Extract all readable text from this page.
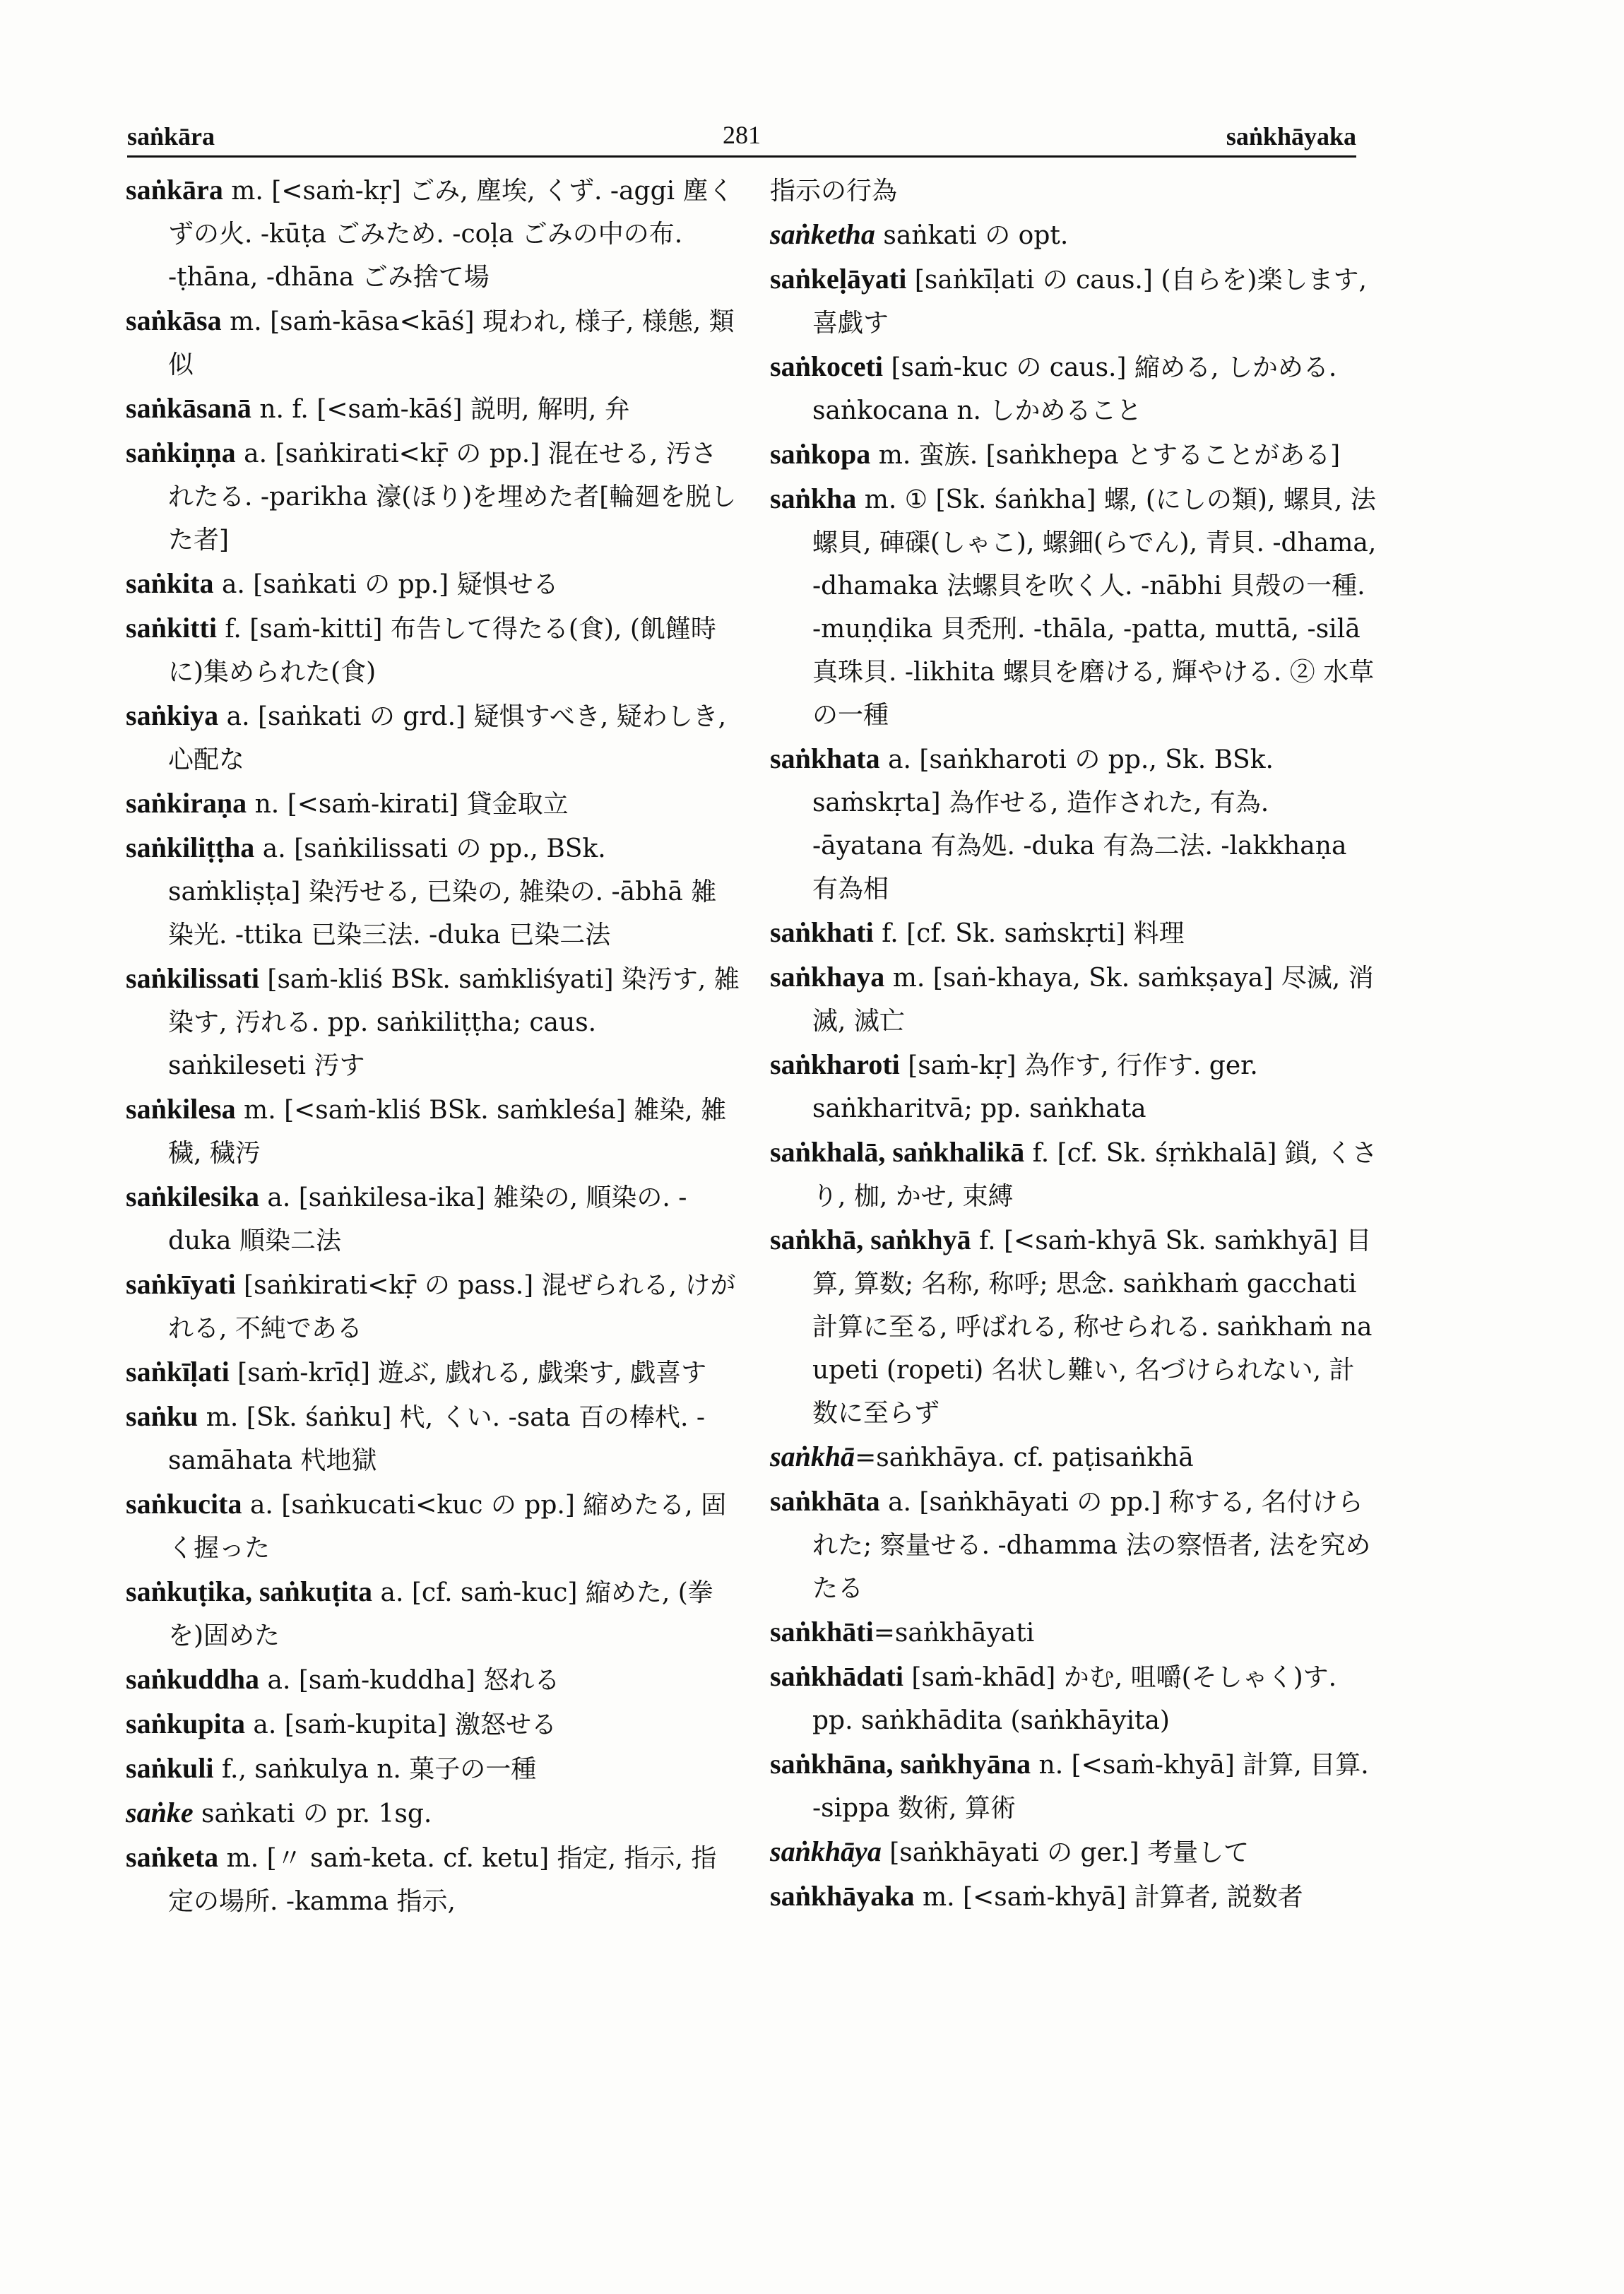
saṅkāra	281	saṅkhāyaka

saṅkāra m. [<saṁ-kṛ] ごみ, 塵埃, くず. -aggi 塵くずの火. -kūṭa ごみため. -coḷa ごみの中の布. -ṭhāna, -dhāna ごみ捨て場

saṅkāsa m. [saṁ-kāsa<kāś] 現われ, 様子, 様態, 類似

saṅkāsanā n. f. [<saṁ-kāś] 説明, 解明, 弁

saṅkiṇṇa a. [saṅkirati<kṝ の pp.] 混在せる, 汚されたる. -parikha 濠(ほり)を埋めた者[輪廻を脱した者]

saṅkita a. [saṅkati の pp.] 疑惧せる

saṅkitti f. [saṁ-kitti] 布告して得たる(食), (飢饉時に)集められた(食)

saṅkiya a. [saṅkati の grd.] 疑惧すべき, 疑わしき, 心配な

saṅkiraṇa n. [<saṁ-kirati] 貸金取立

saṅkiliṭṭha a. [saṅkilissati の pp., BSk. saṁkliṣṭa] 染汚せる, 已染の, 雑染の. -ābhā 雑染光. -ttika 已染三法. -duka 已染二法

saṅkilissati [saṁ-kliś BSk. saṁkliśyati] 染汚す, 雑染す, 汚れる. pp. saṅkiliṭṭha; caus. saṅkileseti 汚す

saṅkilesa m. [<saṁ-kliś BSk. saṁkleśa] 雑染, 雑穢, 穢汚

saṅkilesika a. [saṅkilesa-ika] 雑染の, 順染の. -duka 順染二法

saṅkīyati [saṅkirati<kṝ の pass.] 混ぜられる, けがれる, 不純である

saṅkīḷati [saṁ-krīḍ] 遊ぶ, 戯れる, 戯楽す, 戯喜す

saṅku m. [Sk. śaṅku] 杙, くい. -sata 百の棒杙. -samāhata 杙地獄

saṅkucita a. [saṅkucati<kuc の pp.] 縮めたる, 固く握った

saṅkuṭika, saṅkuṭita a. [cf. saṁ-kuc] 縮めた, (拳を)固めた

saṅkuddha a. [saṁ-kuddha] 怒れる

saṅkupita a. [saṁ-kupita] 激怒せる

saṅkuli f., saṅkulya n. 菓子の一種

saṅke saṅkati の pr. 1sg.

saṅketa m. [〃 saṁ-keta. cf. ketu] 指定, 指示, 指定の場所. -kamma 指示,

指示の行為

saṅketha saṅkati の opt.

saṅkeḷāyati [saṅkīḷati の caus.] (自らを)楽します, 喜戯す

saṅkoceti [saṁ-kuc の caus.] 縮める, しかめる. saṅkocana n. しかめること

saṅkopa m. 蛮族. [saṅkhepa とすることがある]

saṅkha m. ① [Sk. śaṅkha] 螺, (にしの類), 螺貝, 法螺貝, 硨磲(しゃこ), 螺鈿(らでん), 青貝. -dhama, -dhamaka 法螺貝を吹く人. -nābhi 貝殻の一種. -muṇḍika 貝禿刑. -thāla, -patta, muttā, -silā 真珠貝. -likhita 螺貝を磨ける, 輝やける. ② 水草の一種

saṅkhata a. [saṅkharoti の pp., Sk. BSk. saṁskṛta] 為作せる, 造作された, 有為. -āyatana 有為処. -duka 有為二法. -lakkhaṇa 有為相

saṅkhati f. [cf. Sk. saṁskṛti] 料理

saṅkhaya m. [saṅ-khaya, Sk. saṁkṣaya] 尽滅, 消滅, 滅亡

saṅkharoti [saṁ-kṛ] 為作す, 行作す. ger. saṅkharitvā; pp. saṅkhata

saṅkhalā, saṅkhalikā f. [cf. Sk. śṛṅkhalā] 鎖, くさり, 枷, かせ, 束縛

saṅkhā, saṅkhyā f. [<saṁ-khyā Sk. saṁkhyā] 目算, 算数; 名称, 称呼; 思念. saṅkhaṁ gacchati 計算に至る, 呼ばれる, 称せられる. saṅkhaṁ na upeti (ropeti) 名状し難い, 名づけられない, 計数に至らず

saṅkhā=saṅkhāya. cf. paṭisaṅkhā

saṅkhāta a. [saṅkhāyati の pp.] 称する, 名付けられた; 察量せる. -dhamma 法の察悟者, 法を究めたる

saṅkhāti=saṅkhāyati

saṅkhādati [saṁ-khād] かむ, 咀嚼(そしゃく)す. pp. saṅkhādita (saṅkhāyita)

saṅkhāna, saṅkhyāna n. [<saṁ-khyā] 計算, 目算. -sippa 数術, 算術

saṅkhāya [saṅkhāyati の ger.] 考量して

saṅkhāyaka m. [<saṁ-khyā] 計算者, 説数者
